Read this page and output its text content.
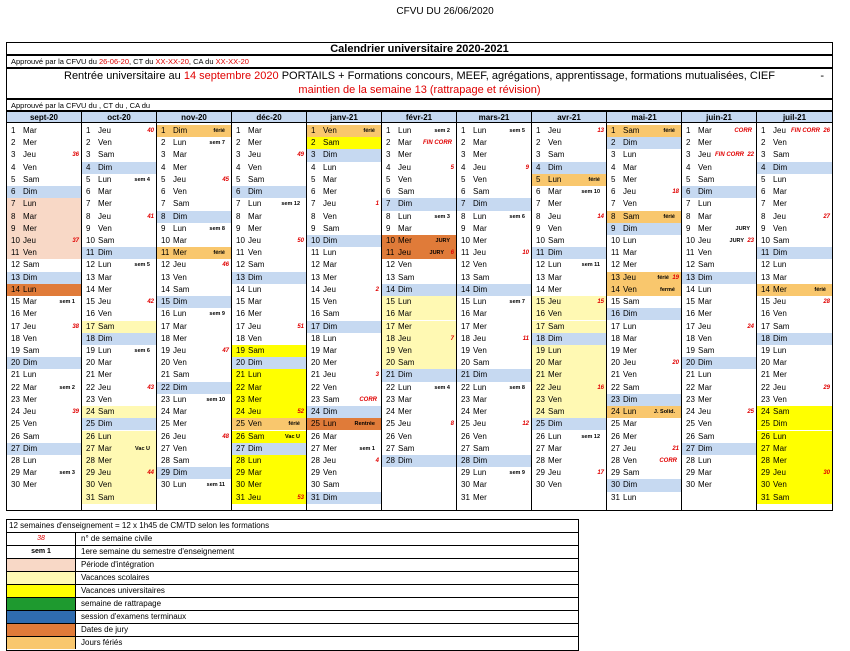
CFVU DU 26/06/2020
Calendrier universitaire 2020-2021
Approuvé par la CFVU du 26-06-20, CT du XX-XX-20, CA du XX-XX-20
Rentrée universitaire au 14 septembre 2020 PORTAILS + Formations concours, MEEF, agrégations, apprentissage, formations mutualisées, CIEF
maintien de la semaine 13 (rattrapage et révision)
-
Approuvé par la CFVU du , CT du , CA du
sept-20
1 Mar
2 Mer
3 Jeu	36
4 Ven
5 Sam
6 Dim
7 Lun
8 Mar
9 Mer
10 Jeu	37
11 Ven
12 Sam
13 Dim
14 Lun
15 Mar	sem 1
16 Mer
17 Jeu	38
18 Ven
19 Sam
20 Dim
21 Lun
22 Mar	sem 2
23 Mer
24 Jeu	39
25 Ven
26 Sam
27 Dim
28 Lun
29 Mar	sem 3
30 Mer
oct-20
1 Jeu	40
2 Ven
3 Sam
4 Dim
5 Lun	sem 4
6 Mar
7 Mer
8 Jeu	41
9 Ven
10 Sam
11 Dim
12 Lun	sem 5
13 Mar
14 Mer
15 Jeu	42
16 Ven
17 Sam
18 Dim
19 Lun	sem 6
20 Mar
21 Mer
22 Jeu	43
23 Ven
24 Sam
25 Dim
26 Lun
27 Mar	Vac U
28 Mer
29 Jeu	44
30 Ven
31 Sam
nov-20
1 Dim	férié
2 Lun	sem 7
3 Mar
4 Mer
5 Jeu	45
6 Ven
7 Sam
8 Dim
9 Lun	sem 8
10 Mar
11 Mer	férié
12 Jeu	46
13 Ven
14 Sam
15 Dim
16 Lun	sem 9
17 Mar
18 Mer
19 Jeu	47
20 Ven
21 Sam
22 Dim
23 Lun	sem 10
24 Mar
25 Mer
26 Jeu	48
27 Ven
28 Sam
29 Dim
30 Lun	sem 11
déc-20
1 Mar
2 Mer
3 Jeu	49
4 Ven
5 Sam
6 Dim
7 Lun	sem 12
8 Mar
9 Mer
10 Jeu	50
11 Ven
12 Sam
13 Dim
14 Lun
15 Mar
16 Mer
17 Jeu	51
18 Ven
19 Sam
20 Dim
21 Lun
22 Mar
23 Mer
24 Jeu	52
25 Ven	férié
26 Sam	Vac U
27 Dim
28 Lun
29 Mar
30 Mer
31 Jeu	53
janv-21
1 Ven	férié
2 Sam
3 Dim
4 Lun
5 Mar
6 Mer
7 Jeu	1
8 Ven
9 Sam
10 Dim
11 Lun
12 Mar
13 Mer
14 Jeu	2
15 Ven
16 Sam
17 Dim
18 Lun
19 Mar
20 Mer
21 Jeu	3
22 Ven
23 Sam	CORR
24 Dim
25 Lun	Rentrée
26 Mar
27 Mer	sem 1
28 Jeu	4
29 Ven
30 Sam
31 Dim
févr-21
1 Lun	sem 2
2 Mar FIN CORR
3 Mer
4 Jeu	5
5 Ven
6 Sam
7 Dim
8 Lun	sem 3
9 Mar
10 Mer	JURY
11 Jeu	JURY 6
12 Ven
13 Sam
14 Dim
15 Lun
16 Mar
17 Mer
18 Jeu	7
19 Ven
20 Sam
21 Dim
22 Lun	sem 4
23 Mar
24 Mer
25 Jeu	8
26 Ven
27 Sam
28 Dim
mars-21
1 Lun	sem 5
2 Mar
3 Mer
4 Jeu	9
5 Ven
6 Sam
7 Dim
8 Lun	sem 6
9 Mar
10 Mer
11 Jeu	10
12 Ven
13 Sam
14 Dim
15 Lun	sem 7
16 Mar
17 Mer
18 Jeu	11
19 Ven
20 Sam
21 Dim
22 Lun	sem 8
23 Mar
24 Mer
25 Jeu	12
26 Ven
27 Sam
28 Dim
29 Lun	sem 9
30 Mar
31 Mer
avr-21
1 Jeu	13
2 Ven
3 Sam
4 Dim
5 Lun	férié
6 Mar	sem 10
7 Mer
8 Jeu	14
9 Ven
10 Sam
11 Dim
12 Lun	sem 11
13 Mar
14 Mer
15 Jeu	15
16 Ven
17 Sam
18 Dim
19 Lun
20 Mar
21 Mer
22 Jeu	16
23 Ven
24 Sam
25 Dim
26 Lun	sem 12
27 Mar
28 Mer
29 Jeu	17
30 Ven
mai-21
1 Sam	férié
2 Dim
3 Lun
4 Mar
5 Mer
6 Jeu	18
7 Ven
8 Sam	férié
9 Dim
10 Lun
11 Mar
12 Mer
13 Jeu	férié 19
14 Ven	fermé
15 Sam
16 Dim
17 Lun
18 Mar
19 Mer
20 Jeu	20
21 Ven
22 Sam
23 Dim
24 Lun	J. Solid.
25 Mar
26 Mer
27 Jeu	21
28 Ven	CORR
29 Sam
30 Dim
31 Lun
juin-21
1 Mar	CORR
2 Mer
3 Jeu FIN CORR 22
4 Ven
5 Sam
6 Dim
7 Lun
8 Mar
9 Mer	JURY
10 Jeu	JURY 23
11 Ven
12 Sam
13 Dim
14 Lun
15 Mar
16 Mer
17 Jeu	24
18 Ven
19 Sam
20 Dim
21 Lun
22 Mar
23 Mer
24 Jeu	25
25 Ven
26 Sam
27 Dim
28 Lun
29 Mar
30 Mer
juil-21
1 Jeu FIN CORR 26
2 Ven
3 Sam
4 Dim
5 Lun
6 Mar
7 Mer
8 Jeu	27
9 Ven
10 Sam
11 Dim
12 Lun
13 Mar
14 Mer	férié
15 Jeu	28
16 Ven
17 Sam
18 Dim
19 Lun
20 Mar
21 Mer
22 Jeu	29
23 Ven
24 Sam
25 Dim
26 Lun
27 Mar
28 Mer
29 Jeu	30
30 Ven
31 Sam
12 semaines d'enseignement = 12 x 1h45 de CM/TD selon les formations
38	n° de semaine civile
sem 1	1ere semaine du semestre d'enseignement
Période d'intégration
Vacances scolaires
Vacances universitaires
semaine de rattrapage
session d'examens terminaux
Dates de jury
Jours fériés
